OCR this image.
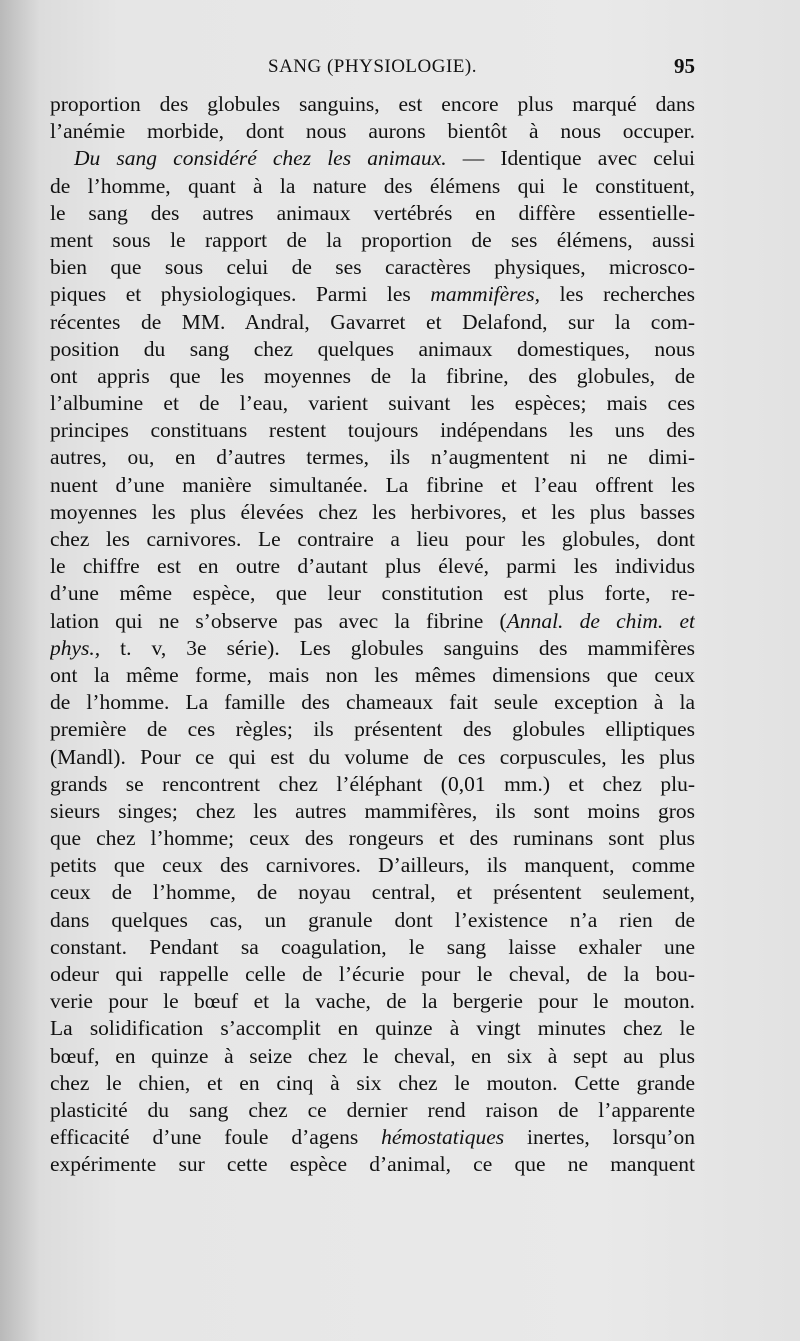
SANG (PHYSIOLOGIE).	95
proportion des globules sanguins, est encore plus marqué dans
l’anémie morbide, dont nous aurons bientôt à nous occuper.
Du sang considéré chez les animaux. — Identique avec celui
de l’homme, quant à la nature des élémens qui le constituent,
le sang des autres animaux vertébrés en diffère essentielle-
ment sous le rapport de la proportion de ses élémens, aussi
bien que sous celui de ses caractères physiques, microsco-
piques et physiologiques. Parmi les mammifères, les recherches
récentes de MM. Andral, Gavarret et Delafond, sur la com-
position du sang chez quelques animaux domestiques, nous
ont appris que les moyennes de la fibrine, des globules, de
l’albumine et de l’eau, varient suivant les espèces; mais ces
principes constituans restent toujours indépendans les uns des
autres, ou, en d’autres termes, ils n’augmentent ni ne dimi-
nuent d’une manière simultanée. La fibrine et l’eau offrent les
moyennes les plus élevées chez les herbivores, et les plus basses
chez les carnivores. Le contraire a lieu pour les globules, dont
le chiffre est en outre d’autant plus élevé, parmi les individus
d’une même espèce, que leur constitution est plus forte, re-
lation qui ne s’observe pas avec la fibrine (Annal. de chim. et
phys., t. v, 3e série). Les globules sanguins des mammifères
ont la même forme, mais non les mêmes dimensions que ceux
de l’homme. La famille des chameaux fait seule exception à la
première de ces règles; ils présentent des globules elliptiques
(Mandl). Pour ce qui est du volume de ces corpuscules, les plus
grands se rencontrent chez l’éléphant (0,01 mm.) et chez plu-
sieurs singes; chez les autres mammifères, ils sont moins gros
que chez l’homme; ceux des rongeurs et des ruminans sont plus
petits que ceux des carnivores. D’ailleurs, ils manquent, comme
ceux de l’homme, de noyau central, et présentent seulement,
dans quelques cas, un granule dont l’existence n’a rien de
constant. Pendant sa coagulation, le sang laisse exhaler une
odeur qui rappelle celle de l’écurie pour le cheval, de la bou-
verie pour le bœuf et la vache, de la bergerie pour le mouton.
La solidification s’accomplit en quinze à vingt minutes chez le
bœuf, en quinze à seize chez le cheval, en six à sept au plus
chez le chien, et en cinq à six chez le mouton. Cette grande
plasticité du sang chez ce dernier rend raison de l’apparente
efficacité d’une foule d’agens hémostatiques inertes, lorsqu’on
expérimente sur cette espèce d’animal, ce que ne manquent
